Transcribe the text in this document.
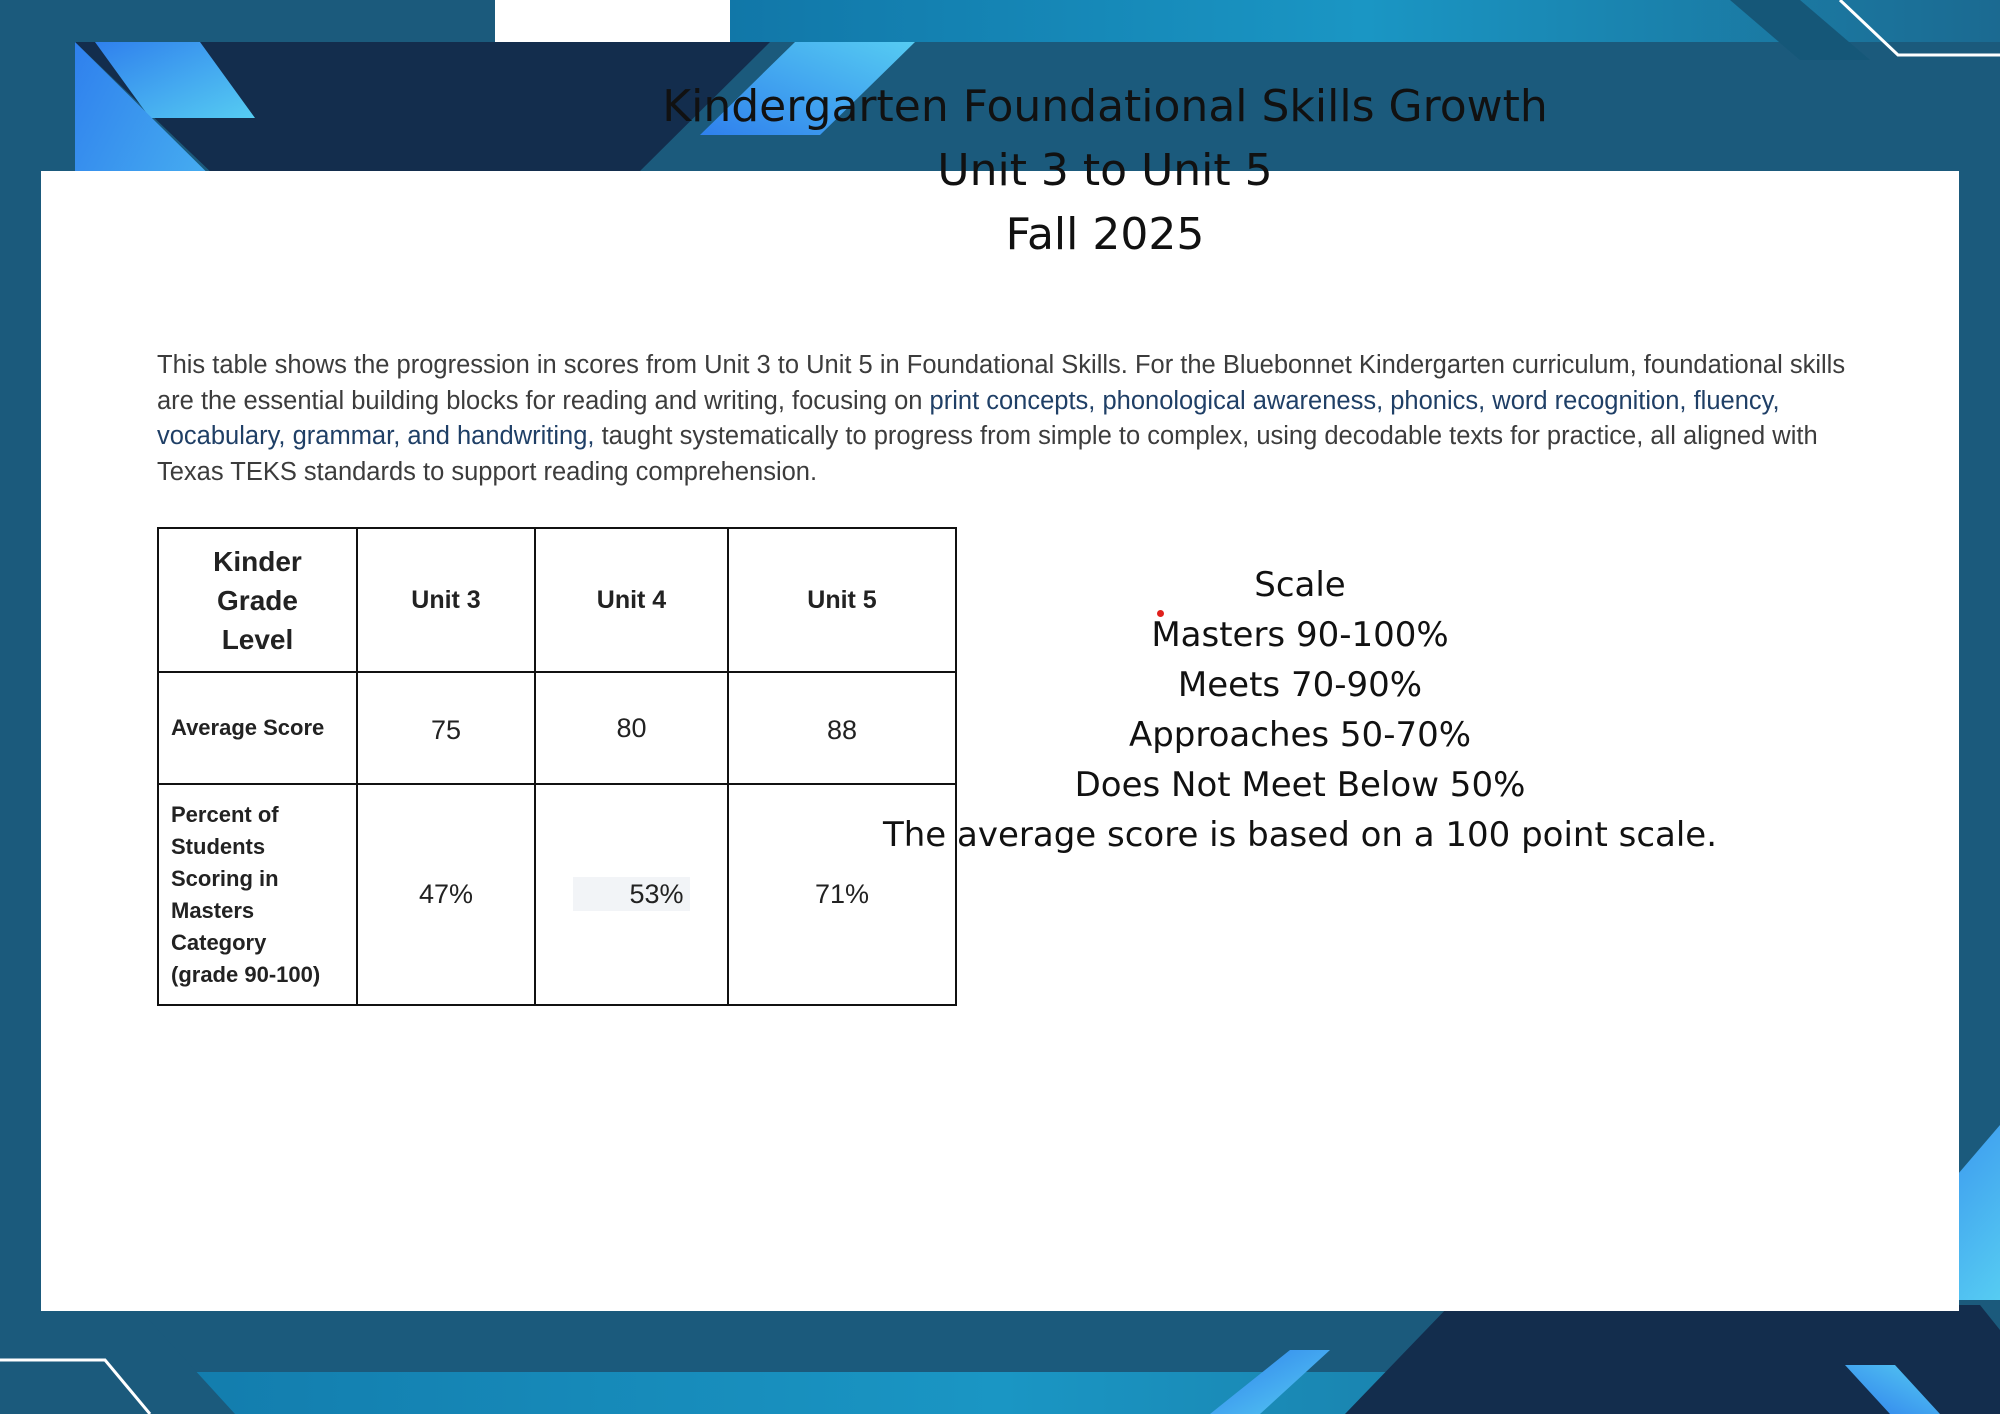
Kindergarten Foundational Skills Growth
Unit 3 to Unit 5
Fall 2025
This table shows the progression in scores from Unit 3 to Unit 5 in Foundational Skills. For the Bluebonnet Kindergarten curriculum, foundational skills are the essential building blocks for reading and writing, focusing on print concepts, phonological awareness, phonics, word recognition, fluency, vocabulary, grammar, and handwriting, taught systematically to progress from simple to complex, using decodable texts for practice, all aligned with Texas TEKS standards to support reading comprehension.
Kinder Grade Level	Unit 3	Unit 4	Unit 5
Average Score	75	80	88

Percent of Students Scoring in Masters Category (grade 90-100)	47%	53%	71%
Scale
Masters 90-100%
Meets 70-90%
Approaches 50-70%
Does Not Meet Below 50%
The average score is based on a 100 point scale.
